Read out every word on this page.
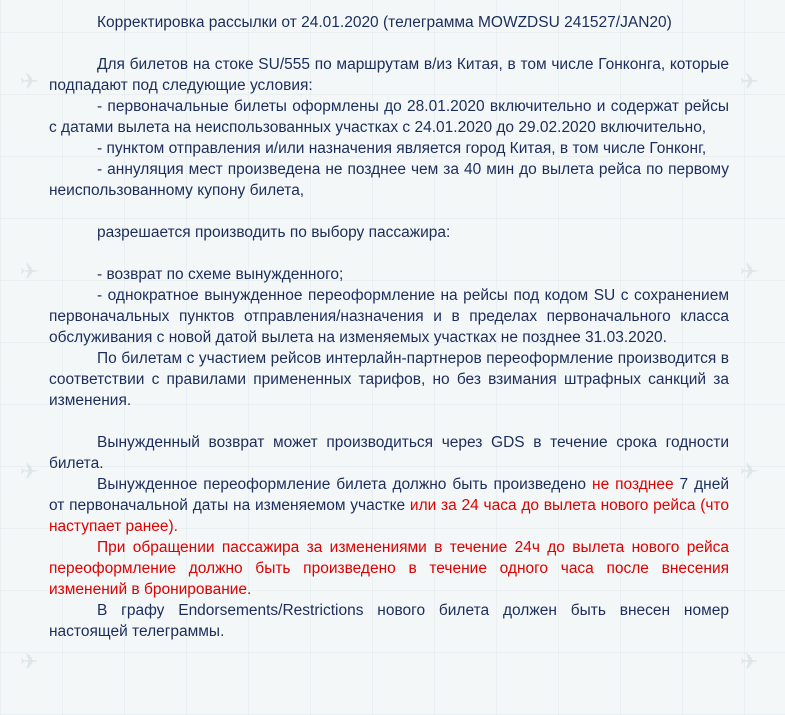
✈	✈
✈	✈
✈	✈
✈	✈

Корректировка рассылки от 24.01.2020 (телеграмма MOWZDSU 241527/JAN20)

Для билетов на стоке SU/555 по маршрутам в/из Китая, в том числе Гонконга, которые подпадают под следующие условия:

- первоначальные билеты оформлены до 28.01.2020 включительно и содержат рейсы с датами вылета на неиспользованных участках с 24.01.2020 до 29.02.2020 включительно,

- пунктом отправления и/или назначения является город Китая, в том числе Гонконг,

- аннуляция мест произведена не позднее чем за 40 мин до вылета рейса по первому неиспользованному купону билета,

разрешается производить по выбору пассажира:

- возврат по схеме вынужденного;

- однократное вынужденное переоформление на рейсы под кодом SU с сохранением первоначальных пунктов отправления/назначения и в пределах первоначального класса обслуживания с новой датой вылета на изменяемых участках не позднее 31.03.2020.

По билетам с участием рейсов интерлайн-партнеров переоформление производится в соответствии с правилами примененных тарифов, но без взимания штрафных санкций за изменения.

Вынужденный возврат может производиться через GDS в течение срока годности билета.

Вынужденное переоформление билета должно быть произведено не позднее 7 дней от первоначальной даты на изменяемом участке или за 24 часа до вылета нового рейса (что наступает ранее).

При обращении пассажира за изменениями в течение 24ч до вылета нового рейса переоформление должно быть произведено в течение одного часа после внесения изменений в бронирование.

В графу Endorsements/Restrictions нового билета должен быть внесен номер настоящей телеграммы.
